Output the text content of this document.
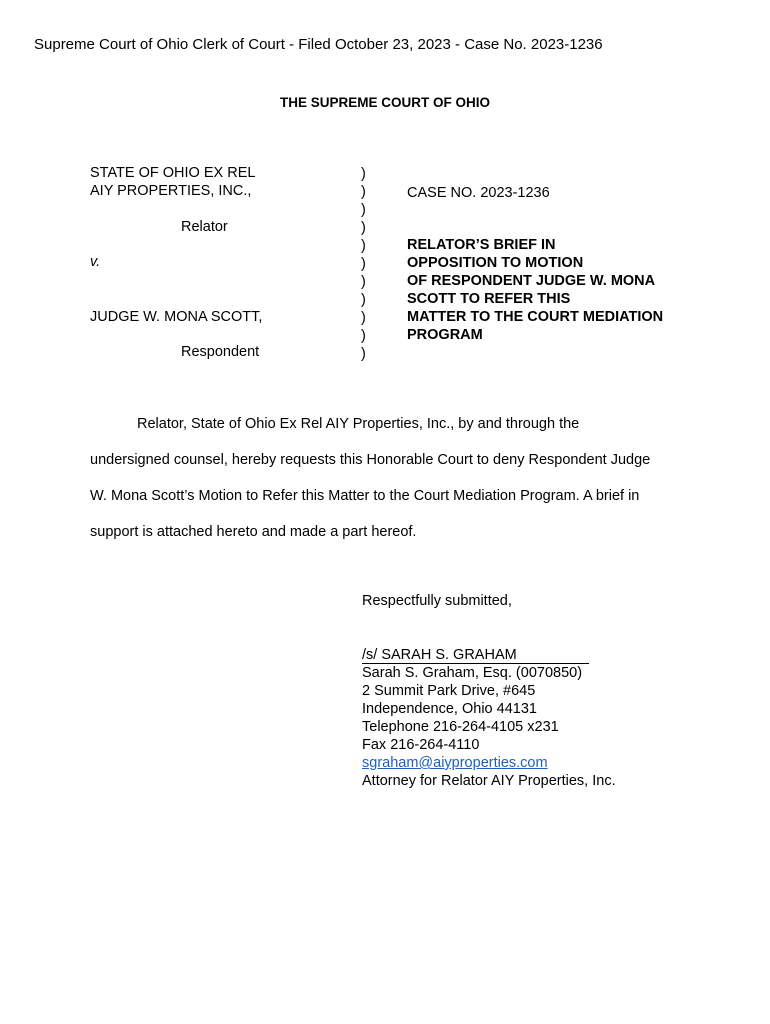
Supreme Court of Ohio Clerk of Court - Filed October 23, 2023 - Case No. 2023-1236
THE SUPREME COURT OF OHIO
STATE OF OHIO EX REL
AIY PROPERTIES, INC.,
Relator
v.
JUDGE W. MONA SCOTT,
Respondent
)
)
)
)
)
)
)
)
)
)
)
CASE NO. 2023-1236
RELATOR’S BRIEF IN
OPPOSITION TO MOTION
OF RESPONDENT JUDGE W. MONA
SCOTT TO REFER THIS
MATTER TO THE COURT MEDIATION
PROGRAM
Relator, State of Ohio Ex Rel AIY Properties, Inc., by and through the
undersigned counsel, hereby requests this Honorable Court to deny Respondent Judge
W. Mona Scott’s Motion to Refer this Matter to the Court Mediation Program. A brief in
support is attached hereto and made a part hereof.
Respectfully submitted,
/s/ SARAH S. GRAHAM
Sarah S. Graham, Esq. (0070850)
2 Summit Park Drive, #645
Independence, Ohio 44131
Telephone 216-264-4105 x231
Fax 216-264-4110
sgraham@aiyproperties.com
Attorney for Relator AIY Properties, Inc.
